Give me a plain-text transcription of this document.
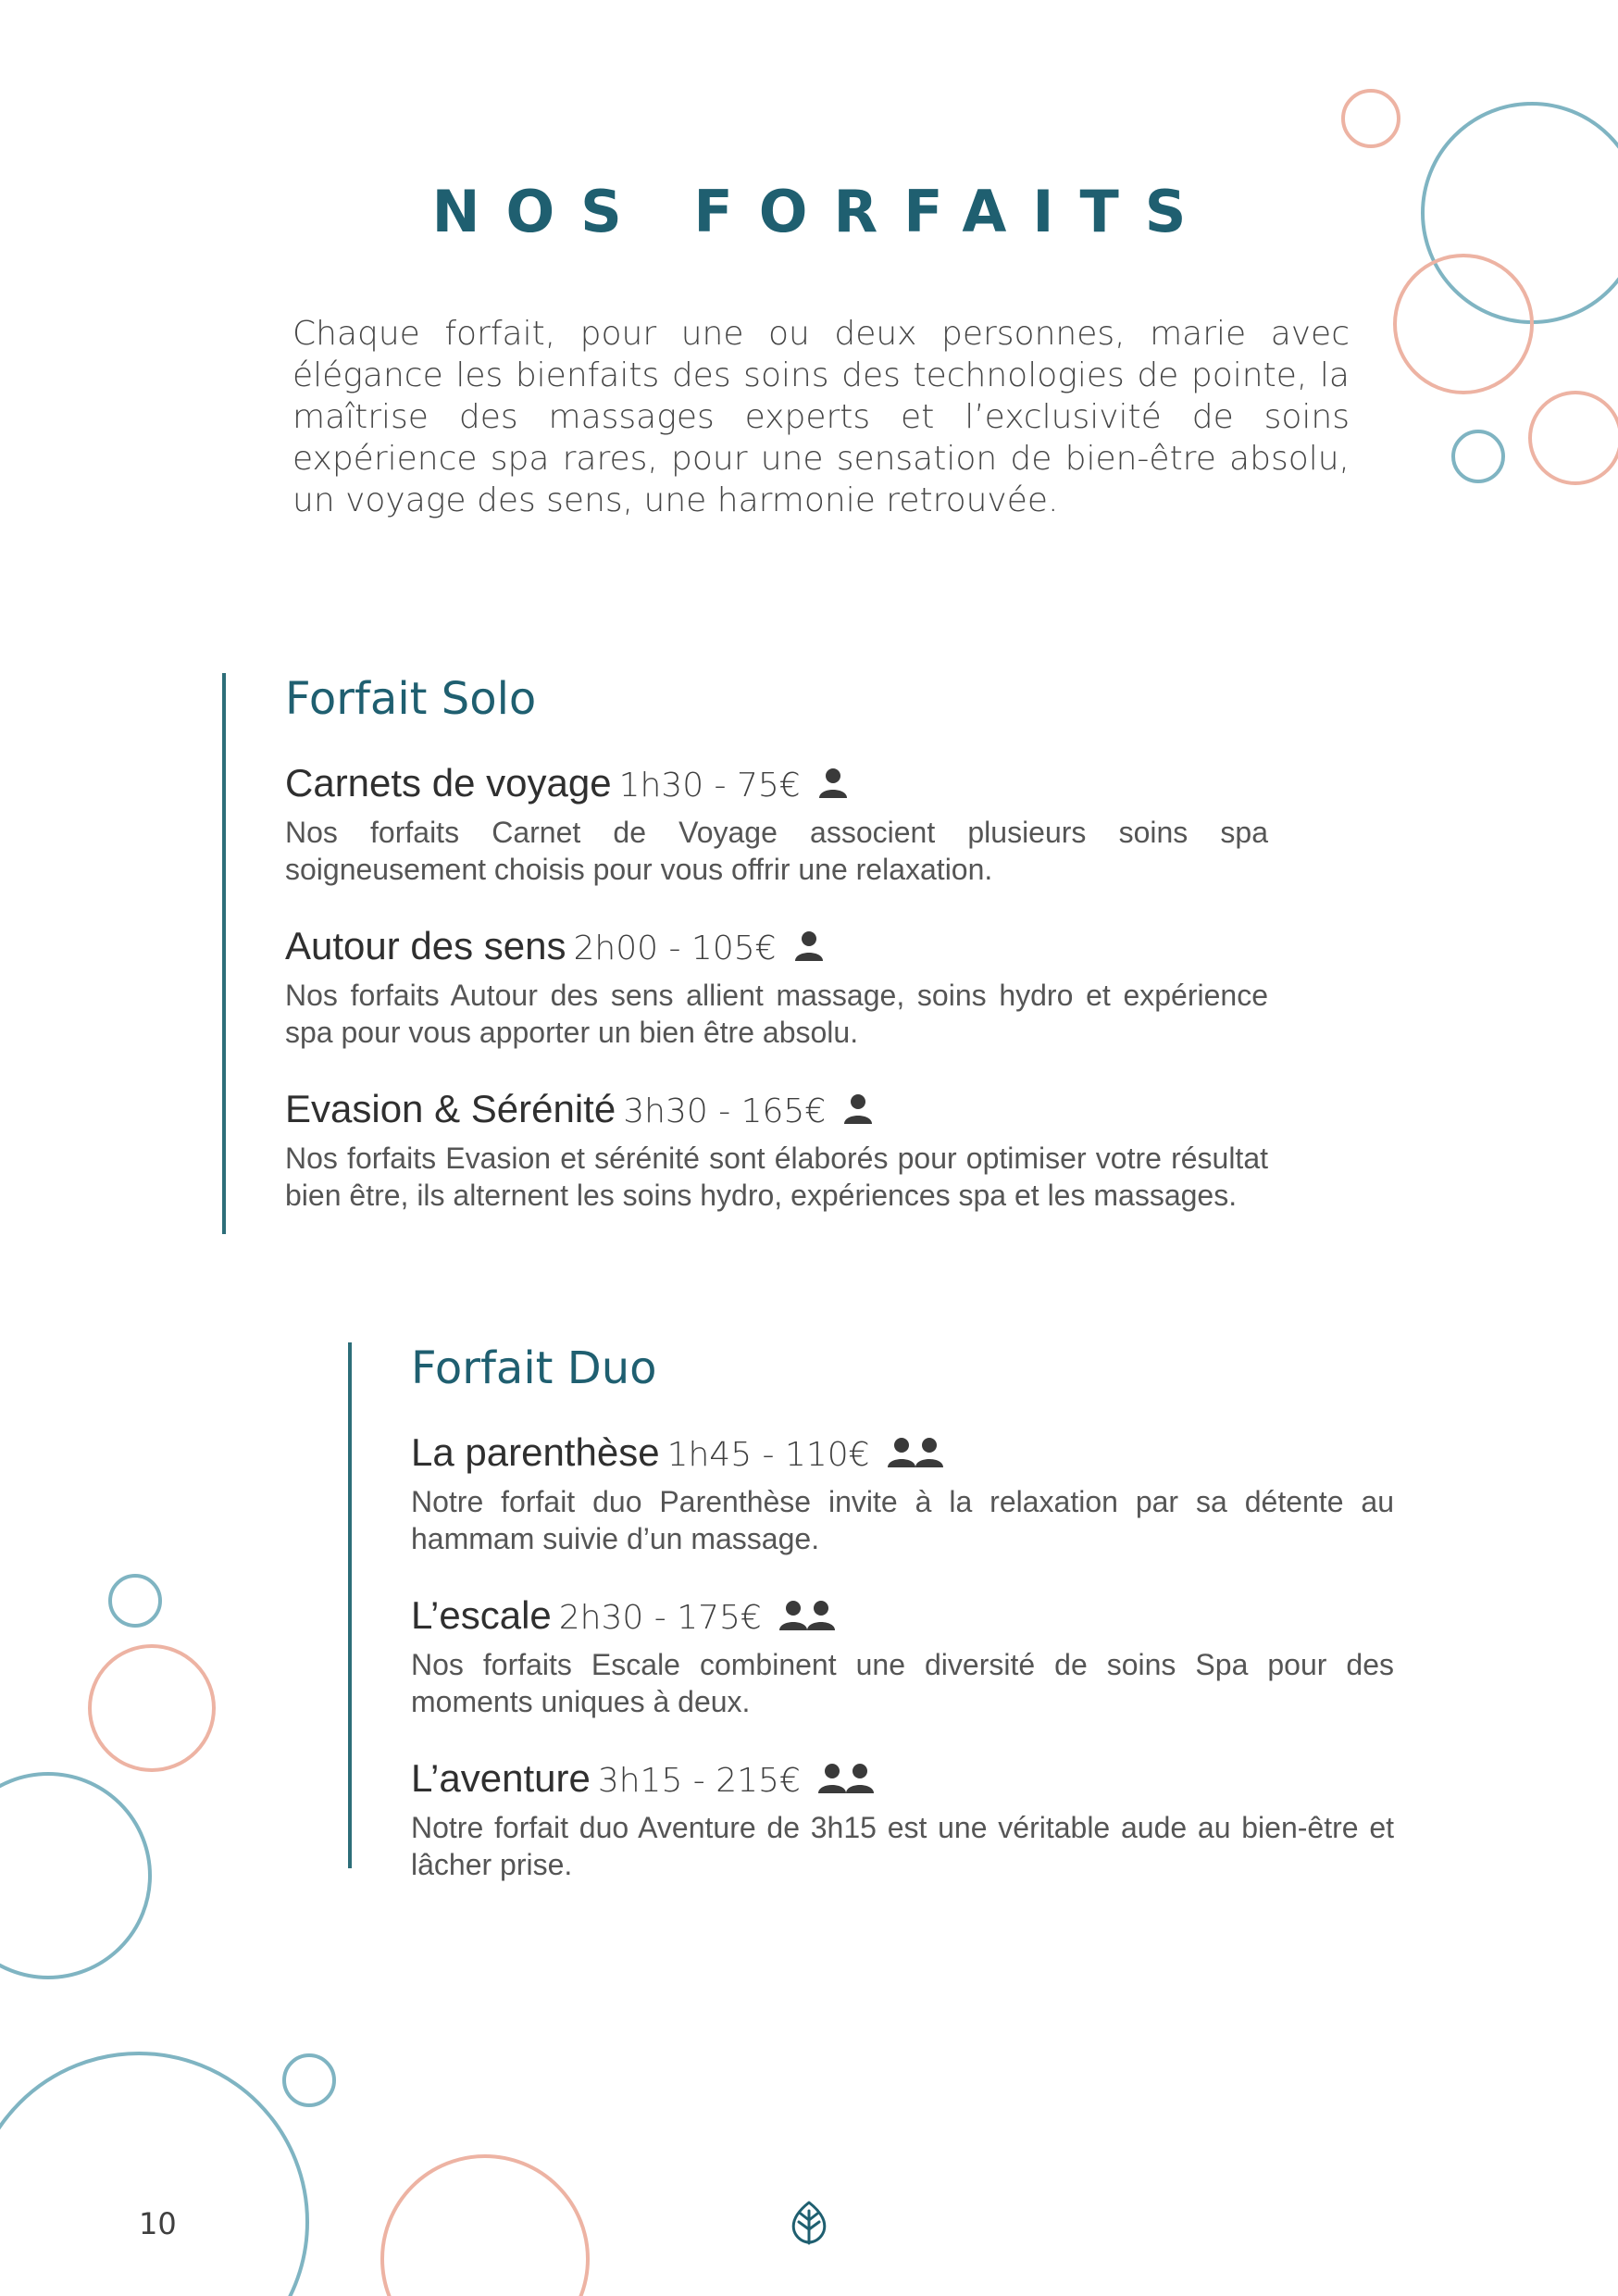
NOS FORFAITS

Chaque forfait, pour une ou deux personnes, marie avec élégance les bienfaits des soins des technologies de pointe, la maîtrise des massages experts et l’exclusivité de soins expérience spa rares, pour une sensation de bien-être absolu, un voyage des sens, une harmonie retrouvée.

Forfait Solo
Carnets de voyage 1h30 - 75€

Nos forfaits Carnet de Voyage associent plusieurs soins spa soigneusement choisis pour vous offrir une relaxation.

Autour des sens 2h00 - 105€

Nos forfaits Autour des sens allient massage, soins hydro et expérience spa pour vous apporter un bien être absolu.

Evasion & Sérénité 3h30 - 165€

Nos forfaits Evasion et sérénité sont élaborés pour optimiser votre résultat bien être, ils alternent les soins hydro, expériences spa et les massages.

Forfait Duo
La parenthèse 1h45 - 110€

Notre forfait duo Parenthèse invite à la relaxation par sa détente au hammam suivie d’un massage.

L’escale 2h30 - 175€

Nos forfaits Escale combinent une diversité de soins Spa pour des moments uniques à deux.

L’aventure 3h15 - 215€

Notre forfait duo Aventure de 3h15 est une véritable aude au bien-être et lâcher prise.

10
